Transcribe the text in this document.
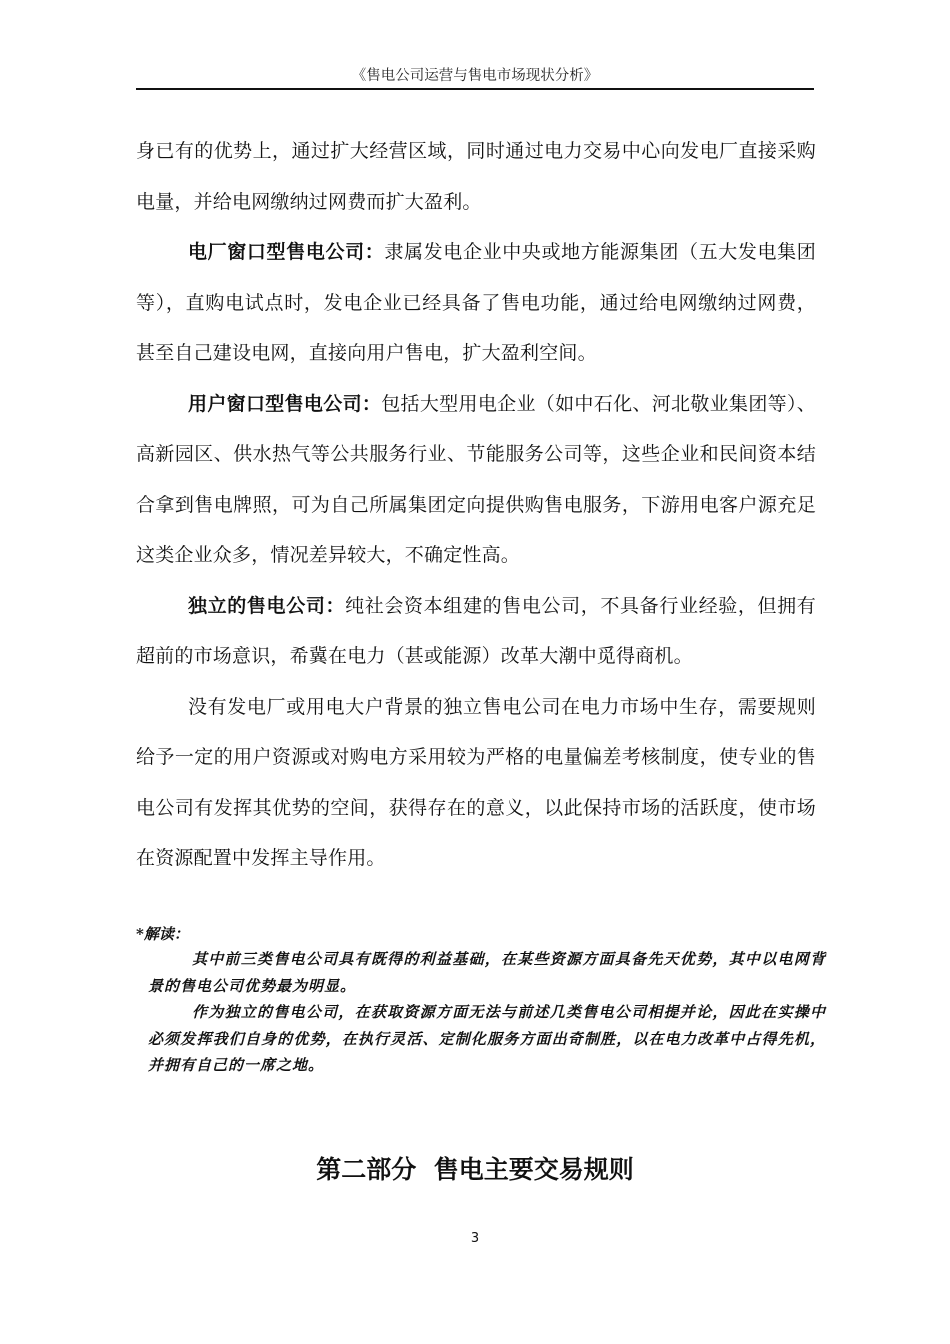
《售电公司运营与售电市场现状分析》

身已有的优势上，通过扩大经营区域，同时通过电力交易中心向发电厂直接采购电量，并给电网缴纳过网费而扩大盈利。

电厂窗口型售电公司：隶属发电企业中央或地方能源集团（五大发电集团等），直购电试点时，发电企业已经具备了售电功能，通过给电网缴纳过网费，甚至自己建设电网，直接向用户售电，扩大盈利空间。

用户窗口型售电公司：包括大型用电企业（如中石化、河北敬业集团等）、高新园区、供水热气等公共服务行业、节能服务公司等，这些企业和民间资本结合拿到售电牌照，可为自己所属集团定向提供购售电服务，下游用电客户源充足这类企业众多，情况差异较大，不确定性高。

独立的售电公司：纯社会资本组建的售电公司，不具备行业经验，但拥有超前的市场意识，希冀在电力（甚或能源）改革大潮中觅得商机。

没有发电厂或用电大户背景的独立售电公司在电力市场中生存，需要规则给予一定的用户资源或对购电方采用较为严格的电量偏差考核制度，使专业的售电公司有发挥其优势的空间，获得存在的意义，以此保持市场的活跃度，使市场在资源配置中发挥主导作用。

*解读：

其中前三类售电公司具有既得的利益基础，在某些资源方面具备先天优势，其中以电网背景的售电公司优势最为明显。

作为独立的售电公司，在获取资源方面无法与前述几类售电公司相提并论，因此在实操中必须发挥我们自身的优势，在执行灵活、定制化服务方面出奇制胜，以在电力改革中占得先机，并拥有自己的一席之地。

第二部分  售电主要交易规则
3
